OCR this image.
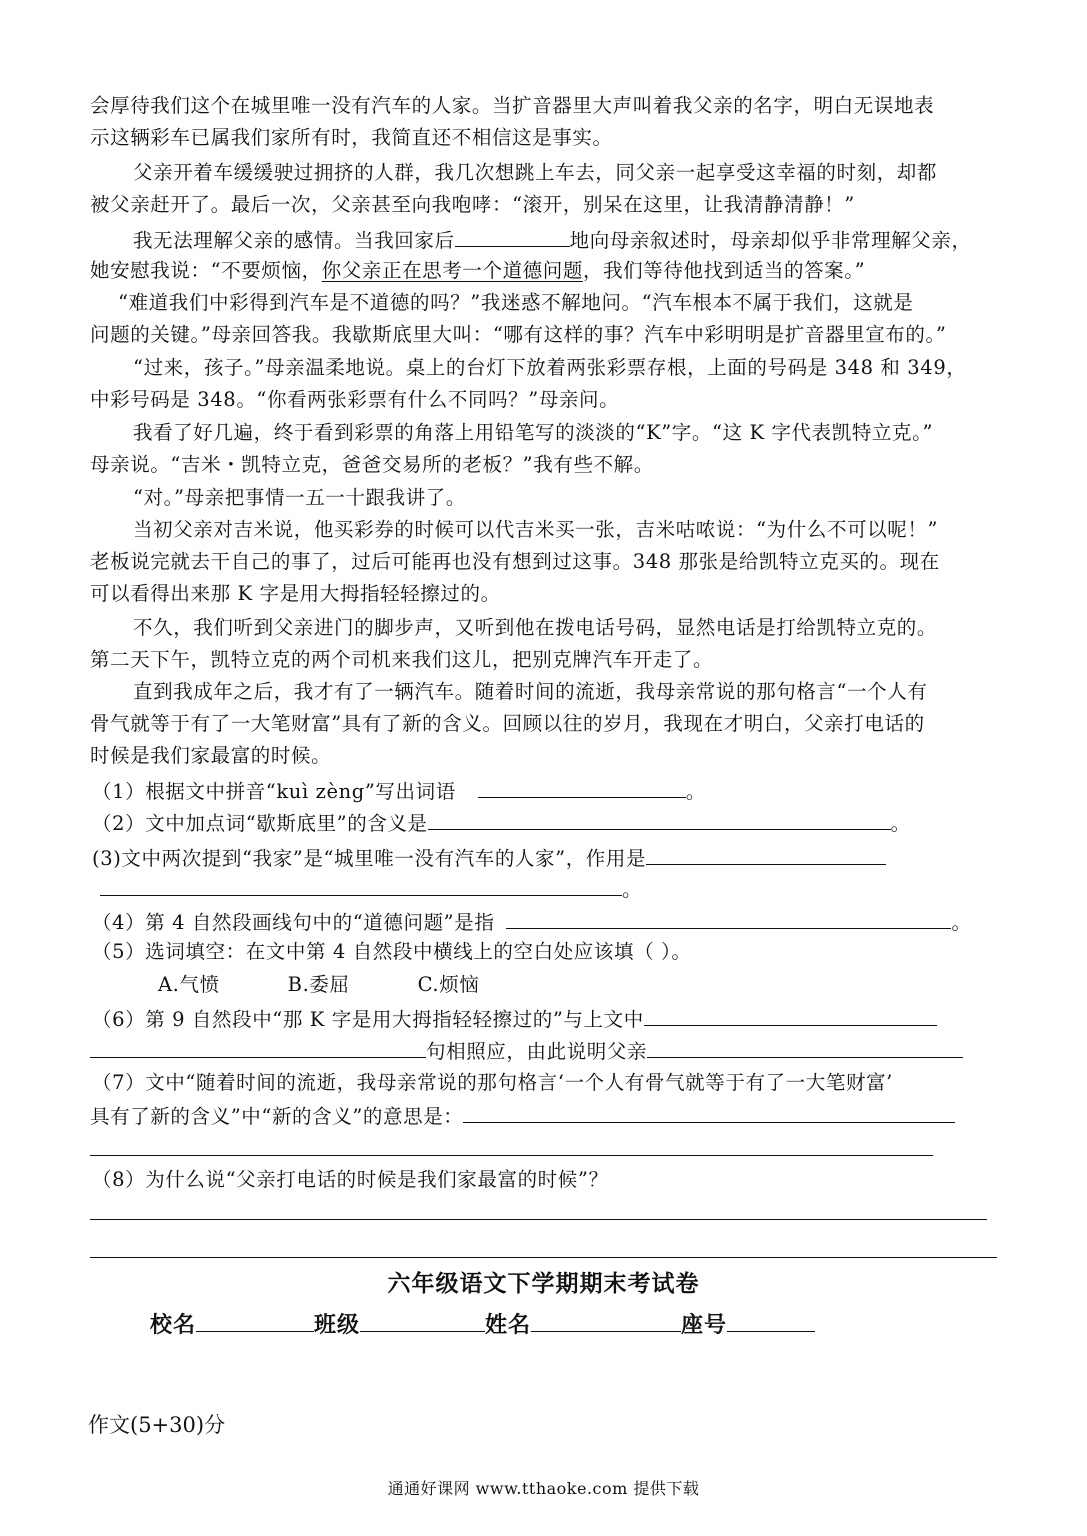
会厚待我们这个在城里唯一没有汽车的人家。当扩音器里大声叫着我父亲的名字，明白无误地表
示这辆彩车已属我们家所有时，我简直还不相信这是事实。
父亲开着车缓缓驶过拥挤的人群，我几次想跳上车去，同父亲一起享受这幸福的时刻，却都
被父亲赶开了。最后一次，父亲甚至向我咆哮：“滚开，别呆在这里，让我清静清静！”
我无法理解父亲的感情。当我回家后	地向母亲叙述时，母亲却似乎非常理解父亲，
她安慰我说：“不要烦恼，你父亲正在思考一个道德问题，我们等待他找到适当的答案。”
“难道我们中彩得到汽车是不道德的吗？”我迷惑不解地问。“汽车根本不属于我们，这就是
问题的关键。”母亲回答我。我歇斯底里大叫：“哪有这样的事？汽车中彩明明是扩音器里宣布的。”
“过来，孩子。”母亲温柔地说。桌上的台灯下放着两张彩票存根，上面的号码是 348 和 349，
中彩号码是 348。“你看两张彩票有什么不同吗？”母亲问。
我看了好几遍，终于看到彩票的角落上用铅笔写的淡淡的“K”字。“这 K 字代表凯特立克。”
母亲说。“吉米・凯特立克，爸爸交易所的老板？”我有些不解。
“对。”母亲把事情一五一十跟我讲了。
当初父亲对吉米说，他买彩券的时候可以代吉米买一张，吉米咕哝说：“为什么不可以呢！”
老板说完就去干自己的事了，过后可能再也没有想到过这事。348 那张是给凯特立克买的。现在
可以看得出来那 K 字是用大拇指轻轻擦过的。
不久，我们听到父亲进门的脚步声，又听到他在拨电话号码，显然电话是打给凯特立克的。
第二天下午，凯特立克的两个司机来我们这儿，把别克牌汽车开走了。
直到我成年之后，我才有了一辆汽车。随着时间的流逝，我母亲常说的那句格言“一个人有
骨气就等于有了一大笔财富”具有了新的含义。回顾以往的岁月，我现在才明白，父亲打电话的
时候是我们家最富的时候。
（1）根据文中拼音“kuì zèng”写出词语	。
（2）文中加点词“歇斯底里”的含义是	。
(3)文中两次提到“我家”是“城里唯一没有汽车的人家”，作用是
。
（4）第 4 自然段画线句中的“道德问题”是指	。
（5）选词填空：在文中第 4 自然段中横线上的空白处应该填（ ）。
A.气愤          B.委屈          C.烦恼
（6）第 9 自然段中“那 K 字是用大拇指轻轻擦过的”与上文中
句相照应，由此说明父亲
（7）文中“随着时间的流逝，我母亲常说的那句格言‘一个人有骨气就等于有了一大笔财富’
具有了新的含义”中“新的含义”的意思是：
（8）为什么说“父亲打电话的时候是我们家最富的时候”？
六年级语文下学期期末考试卷
校名	班级	姓名	座号
作文(5+30)分
通通好课网 www.tthaoke.com 提供下载
